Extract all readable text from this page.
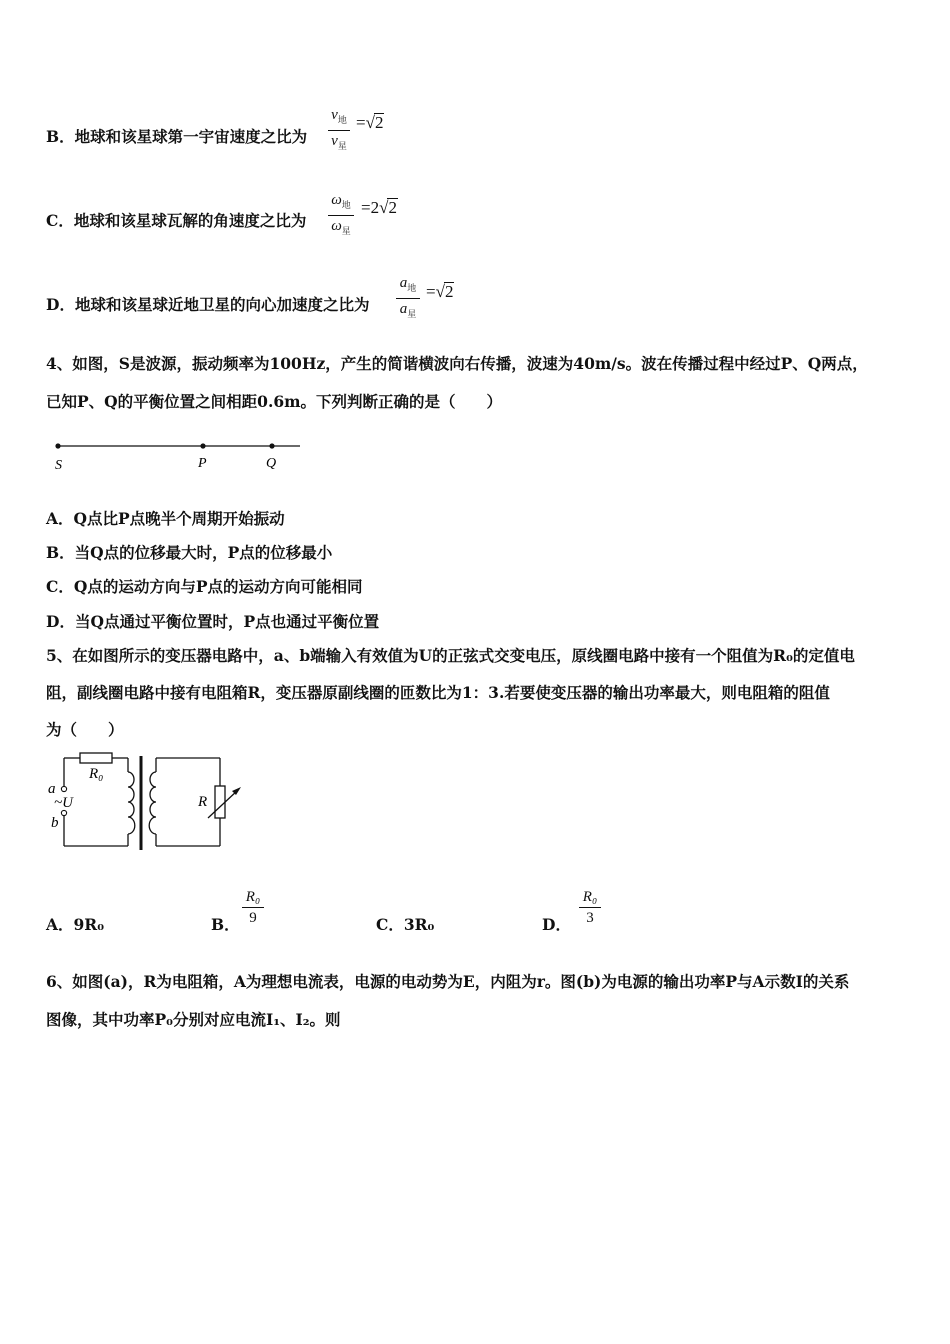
B．地球和该星球第一宇宙速度之比为
$v_地$
$v_星$
=√2
C．地球和该星球瓦解的角速度之比为
$\omega_地$
$\omega_星$
=2√2
D．地球和该星球近地卫星的向心加速度之比为
$a_地$
$a_星$
=√2
4、如图，S是波源，振动频率为100Hz，产生的简谐横波向右传播，波速为40m/s。波在传播过程中经过P、Q两点，
已知P、Q的平衡位置之间相距0.6m。下列判断正确的是（　　）
S	P	Q
A．Q点比P点晚半个周期开始振动
B．当Q点的位移最大时，P点的位移最小
C．Q点的运动方向与P点的运动方向可能相同
D．当Q点通过平衡位置时，P点也通过平衡位置
5、在如图所示的变压器电路中，a、b端输入有效值为U的正弦式交变电压，原线圈电路中接有一个阻值为R₀的定值电
阻，副线圈电路中接有电阻箱R，变压器原副线圈的匝数比为1：3.若要使变压器的输出功率最大，则电阻箱的阻值
为（　　）
R₀
a
~U
b
R
A．9R₀	B．
R₀
9	C．3R₀	D．
R₀
3
6、如图(a)，R为电阻箱，A为理想电流表，电源的电动势为E，内阻为r。图(b)为电源的输出功率P与A示数I的关系
图像，其中功率P₀分别对应电流I₁、I₂。则
